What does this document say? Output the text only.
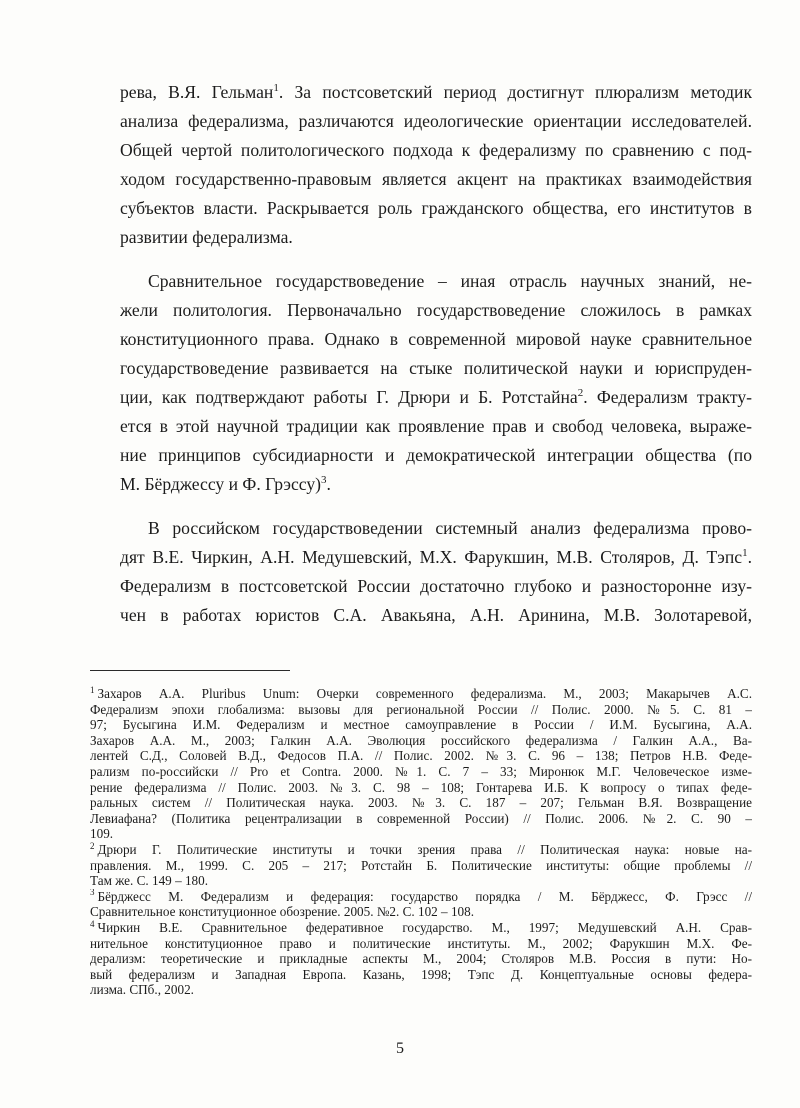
рева, В.Я. Гельман$^1$. За постсоветский период достигнут плюрализм методик
анализа федерализма, различаются идеологические ориентации исследователей.
Общей чертой политологического подхода к федерализму по сравнению с под-
ходом государственно-правовым является акцент на практиках взаимодействия
субъектов власти. Раскрывается роль гражданского общества, его институтов в
развитии федерализма.
Сравнительное государствоведение – иная отрасль научных знаний, не-
жели политология. Первоначально государствоведение сложилось в рамках
конституционного права. Однако в современной мировой науке сравнительное
государствоведение развивается на стыке политической науки и юриспруден-
ции, как подтверждают работы Г. Дрюри и Б. Ротстайна$^2$. Федерализм тракту-
ется в этой научной традиции как проявление прав и свобод человека, выраже-
ние принципов субсидиарности и демократической интеграции общества (по
М. Бёрджессу и Ф. Грэссу)$^3$.
В российском государствоведении системный анализ федерализма прово-
дят В.Е. Чиркин, А.Н. Медушевский, М.Х. Фарукшин, М.В. Столяров, Д. Тэпс$^1$.
Федерализм в постсоветской России достаточно глубоко и разносторонне изу-
чен в работах юристов С.А. Авакьяна, А.Н. Аринина, М.В. Золотаревой,
$^1$ Захаров А.А. Pluribus Unum: Очерки современного федерализма. М., 2003; Макарычев А.С.
Федерализм эпохи глобализма: вызовы для региональной России // Полис. 2000. №5. С. 81 –
97; Бусыгина И.М. Федерализм и местное самоуправление в России / И.М. Бусыгина, А.А.
Захаров А.А. М., 2003; Галкин А.А. Эволюция российского федерализма / Галкин А.А., Ва-
лентей С.Д., Соловей В.Д., Федосов П.А. // Полис. 2002. №3. С. 96 – 138; Петров Н.В. Феде-
рализм по-российски // Pro et Contra. 2000. №1. С. 7 – 33; Миронюк М.Г. Человеческое изме-
рение федерализма // Полис. 2003. №3. С. 98 – 108; Гонтарева И.Б. К вопросу о типах феде-
ральных систем // Политическая наука. 2003. №3. С. 187 – 207; Гельман В.Я. Возвращение
Левиафана? (Политика рецентрализации в современной России) // Полис. 2006. №2. С. 90 –
109.
$^2$ Дрюри Г. Политические институты и точки зрения права // Политическая наука: новые на-
правления. М., 1999. С. 205 – 217; Ротстайн Б. Политические институты: общие проблемы //
Там же. С. 149 – 180.
$^3$ Бёрджесс М. Федерализм и федерация: государство порядка / М. Бёрджесс, Ф. Грэсс //
Сравнительное конституционное обозрение. 2005. №2. С. 102 – 108.
$^4$ Чиркин В.Е. Сравнительное федеративное государство. М., 1997; Медушевский А.Н. Срав-
нительное конституционное право и политические институты. М., 2002; Фарукшин М.Х. Фе-
дерализм: теоретические и прикладные аспекты М., 2004; Столяров М.В. Россия в пути: Но-
вый федерализм и Западная Европа. Казань, 1998; Тэпс Д. Концептуальные основы федера-
лизма. СПб., 2002.
5
